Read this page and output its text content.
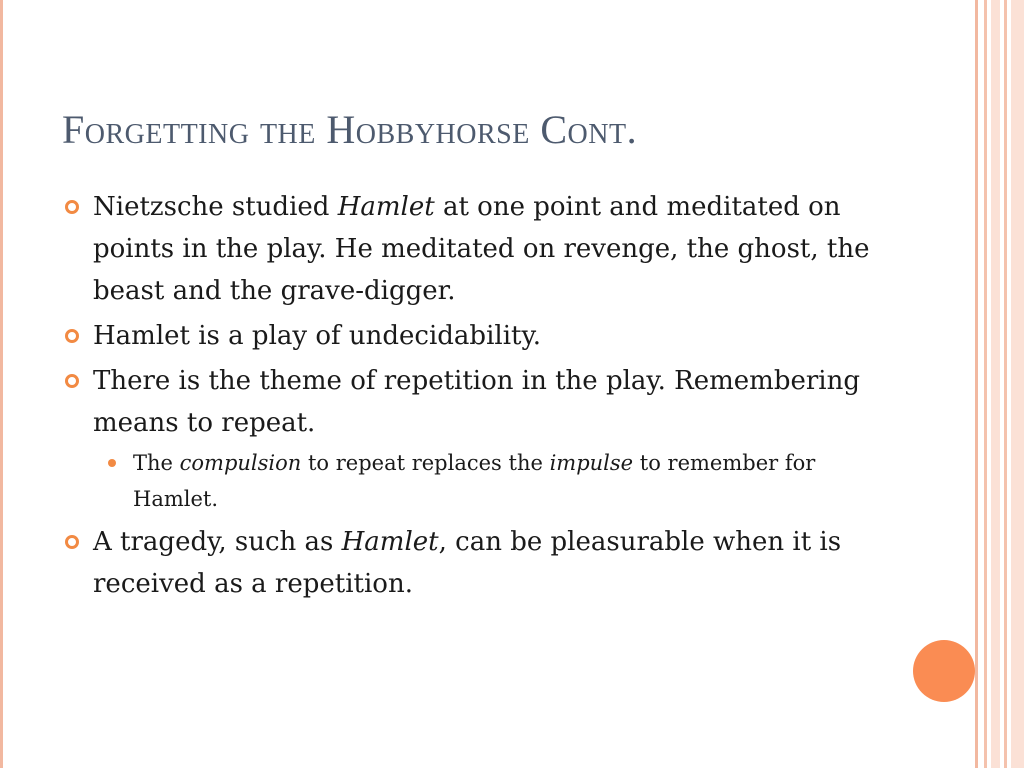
Forgetting the Hobbyhorse Cont.
Nietzsche studied Hamlet at one point and meditated on points in the play. He meditated on revenge, the ghost, the beast and the grave-digger.
Hamlet is a play of undecidability.
There is the theme of repetition in the play. Remembering means to repeat.
The compulsion to repeat replaces the impulse to remember for Hamlet.
A tragedy, such as Hamlet, can be pleasurable when it is received as a repetition.
